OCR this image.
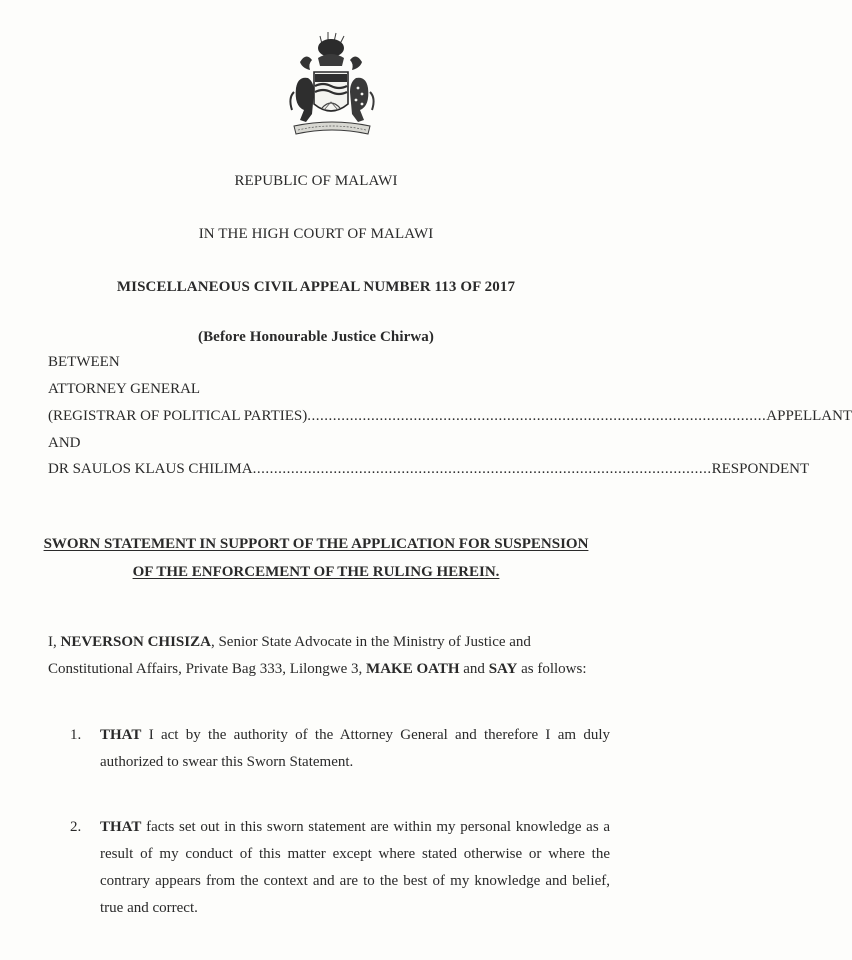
REPUBLIC OF MALAWI
IN THE HIGH COURT OF MALAWI
MISCELLANEOUS CIVIL APPEAL NUMBER 113 OF 2017
(Before Honourable Justice Chirwa)
BETWEEN
ATTORNEY GENERAL
(REGISTRAR OF POLITICAL PARTIES) ............................................................................................................ APPELLANT
AND
DR SAULOS KLAUS CHILIMA ............................................................................................................ RESPONDENT
SWORN STATEMENT IN SUPPORT OF THE APPLICATION FOR SUSPENSION
OF THE ENFORCEMENT OF THE RULING HEREIN.
I, NEVERSON CHISIZA, Senior State Advocate in the Ministry of Justice and
Constitutional Affairs, Private Bag 333, Lilongwe 3, MAKE OATH and SAY as follows:
1. THAT I act by the authority of the Attorney General and therefore I am duly authorized to swear this Sworn Statement.
2. THAT facts set out in this sworn statement are within my personal knowledge as a result of my conduct of this matter except where stated otherwise or where the contrary appears from the context and are to the best of my knowledge and belief, true and correct.
